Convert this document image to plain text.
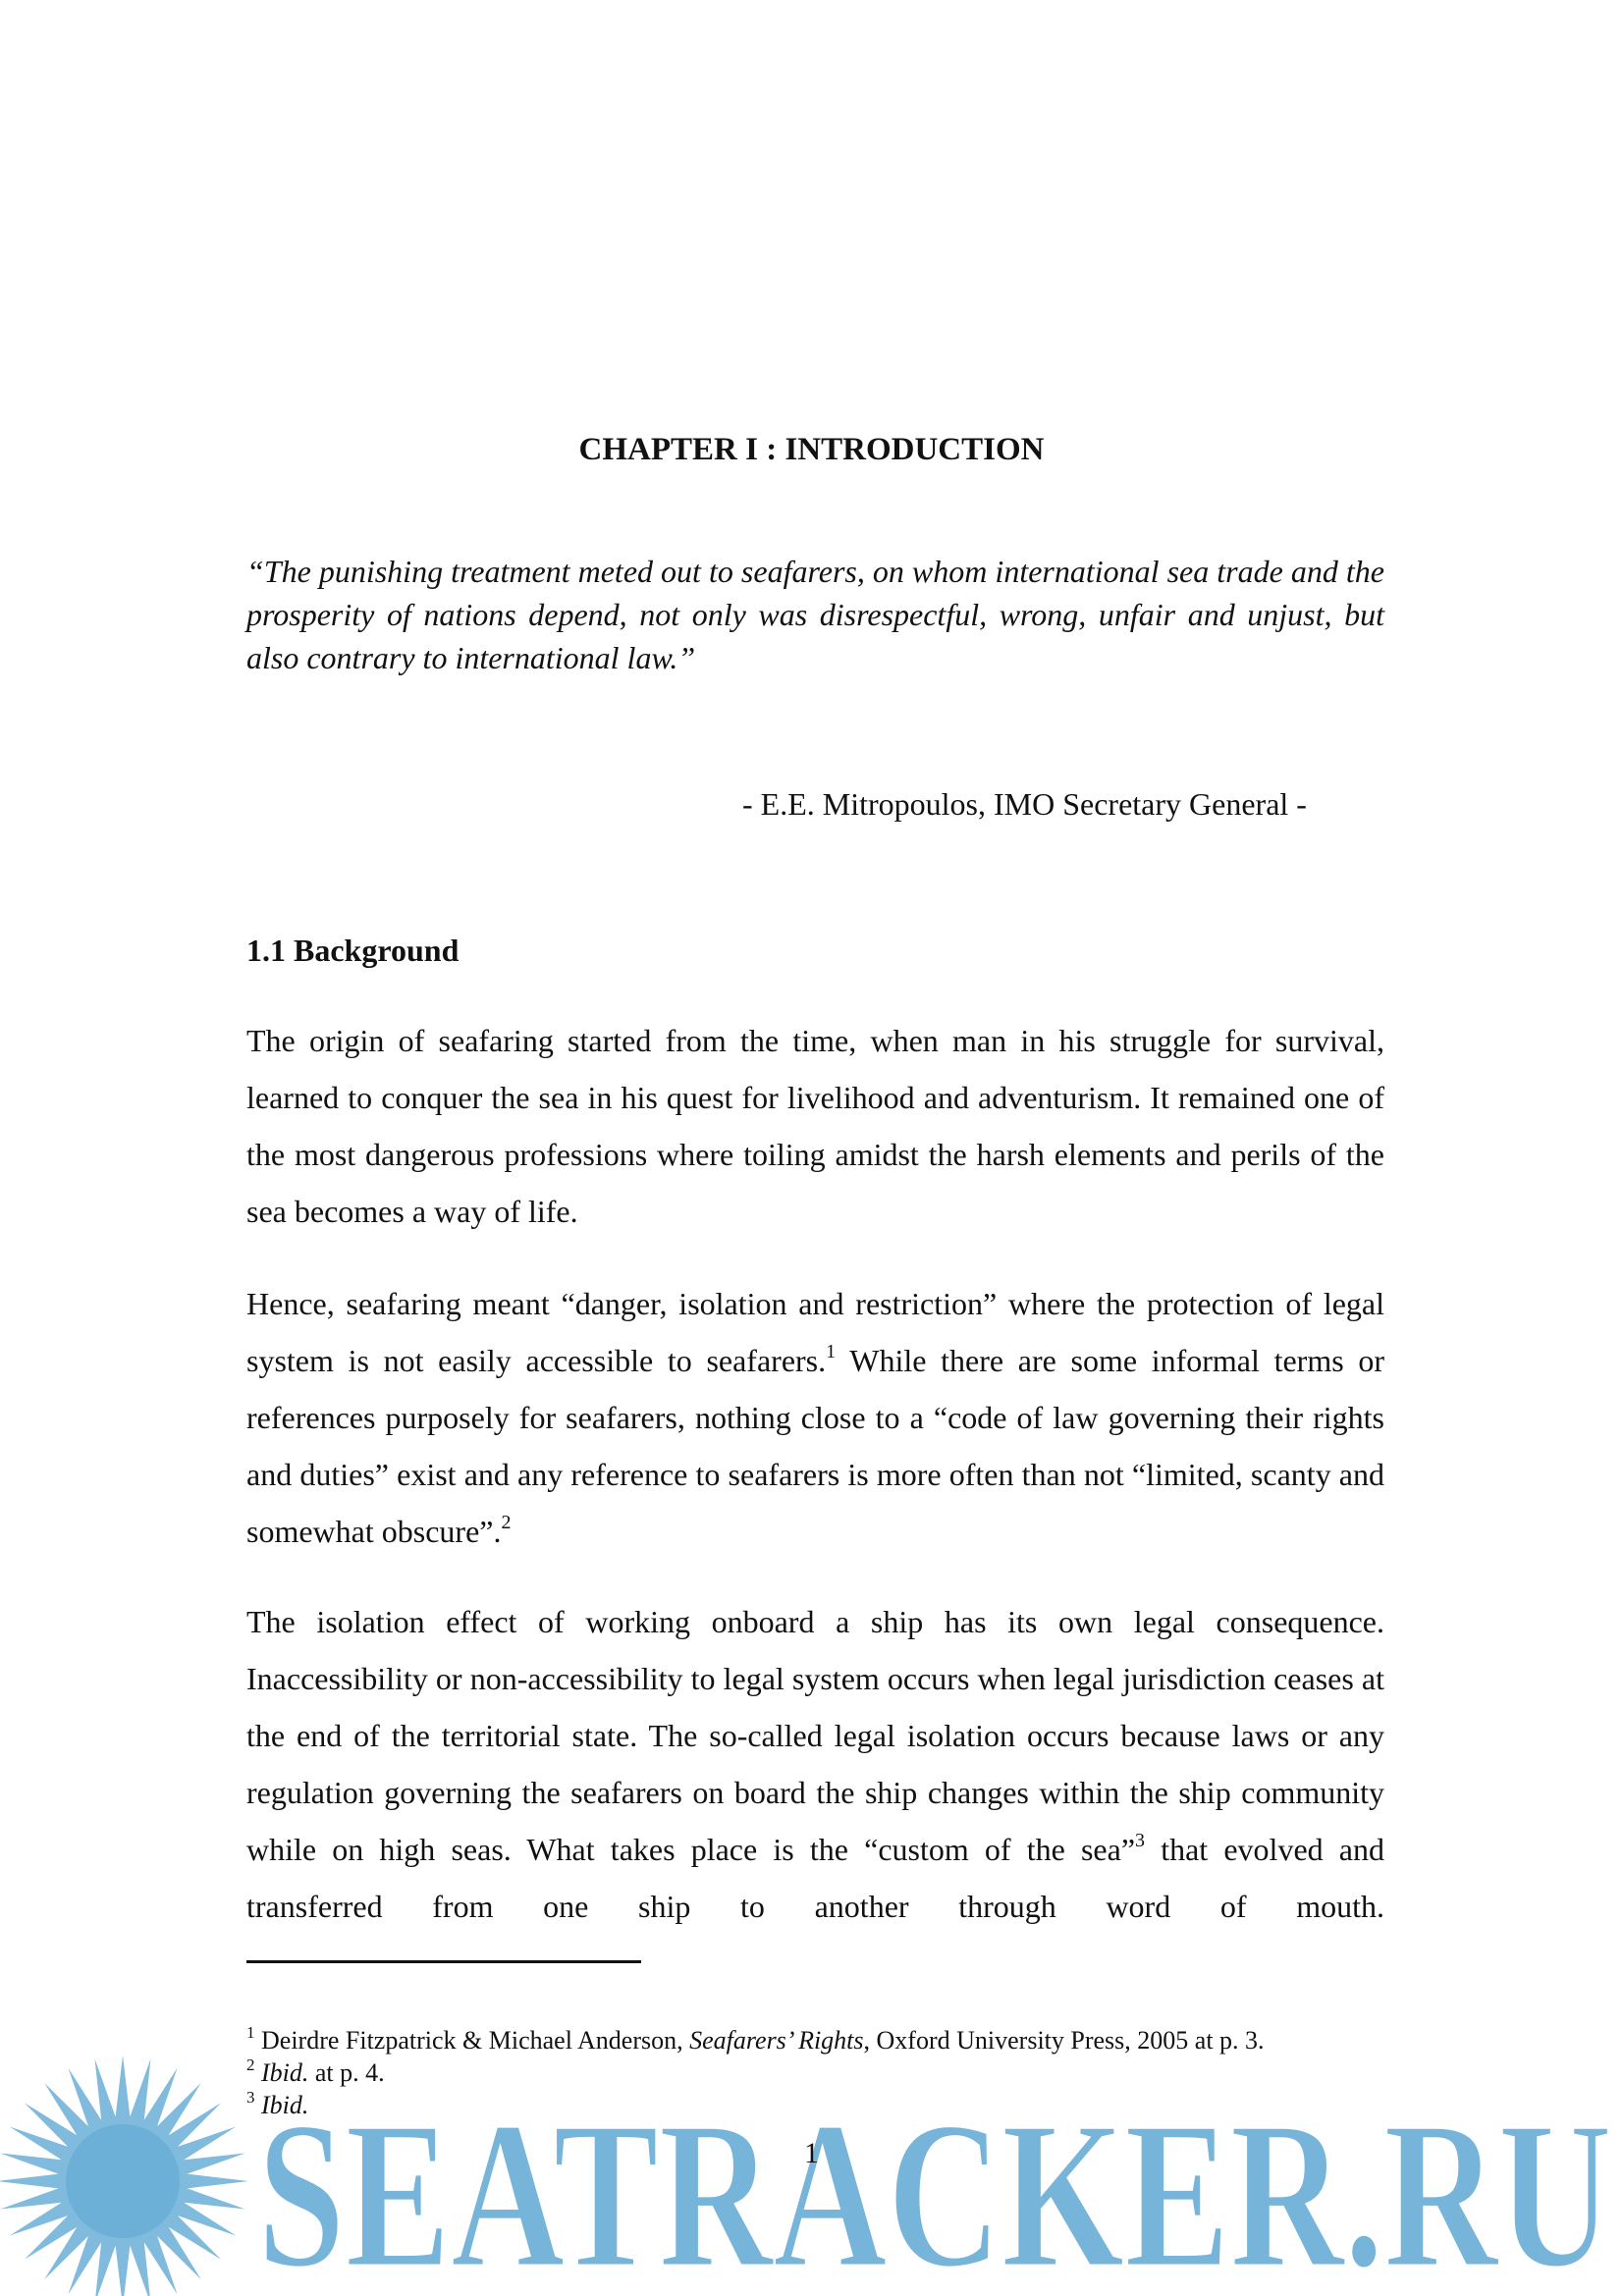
CHAPTER I : INTRODUCTION
“The punishing treatment meted out to seafarers, on whom international sea trade and the prosperity of nations depend, not only was disrespectful, wrong, unfair and unjust, but also contrary to international law.”
- E.E. Mitropoulos, IMO Secretary General -
1.1 Background
The origin of seafaring started from the time, when man in his struggle for survival, learned to conquer the sea in his quest for livelihood and adventurism. It remained one of the most dangerous professions where toiling amidst the harsh elements and perils of the sea becomes a way of life.
Hence, seafaring meant “danger, isolation and restriction” where the protection of legal system is not easily accessible to seafarers.$^1$ While there are some informal terms or references purposely for seafarers, nothing close to a “code of law governing their rights and duties” exist and any reference to seafarers is more often than not “limited, scanty and somewhat obscure”.$^2$
The isolation effect of working onboard a ship has its own legal consequence. Inaccessibility or non-accessibility to legal system occurs when legal jurisdiction ceases at the end of the territorial state. The so-called legal isolation occurs because laws or any regulation governing the seafarers on board the ship changes within the ship community while on high seas. What takes place is the “custom of the sea”$^3$ that evolved and transferred from one ship to another through word of mouth.
$^1$ Deirdre Fitzpatrick & Michael Anderson, Seafarers’ Rights, Oxford University Press, 2005 at p. 3.
$^2$ Ibid. at p. 4.
$^3$ Ibid.
SEATRACKER.RU
1
